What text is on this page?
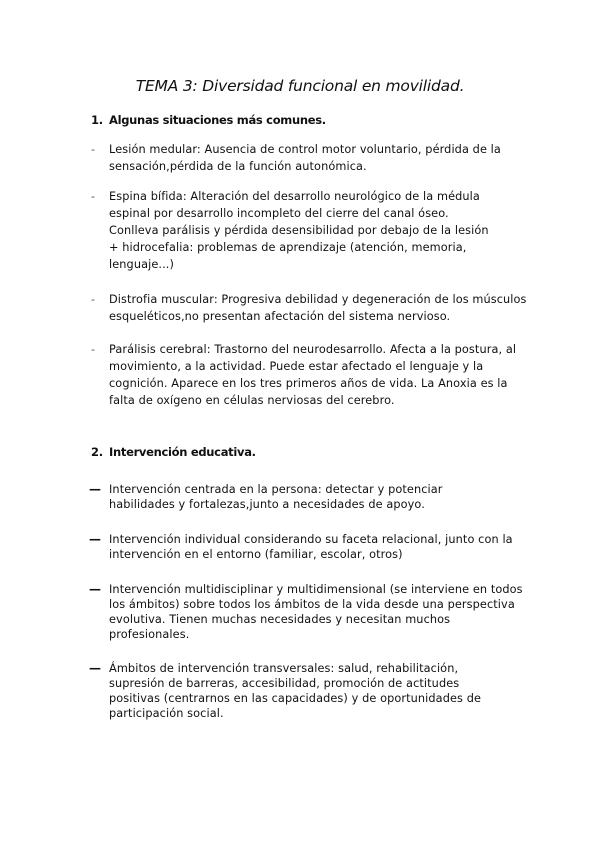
TEMA 3: Diversidad funcional en movilidad.
1. Algunas situaciones más comunes.
-	Lesión medular: Ausencia de control motor voluntario, pérdida de la sensación,pérdida de la función autonómica.
-	Espina bífida: Alteración del desarrollo neurológico de la médula espinal por desarrollo incompleto del cierre del canal óseo. Conlleva parálisis y pérdida desensibilidad por debajo de la lesión + hidrocefalia: problemas de aprendizaje (atención, memoria, lenguaje...)
-	Distrofia muscular: Progresiva debilidad y degeneración de los músculos esqueléticos,no presentan afectación del sistema nervioso.
-	Parálisis cerebral: Trastorno del neurodesarrollo. Afecta a la postura, al movimiento, a la actividad. Puede estar afectado el lenguaje y la cognición. Aparece en los tres primeros años de vida. La Anoxia es la falta de oxígeno en células nerviosas del cerebro.
2. Intervención educativa.
— Intervención centrada en la persona: detectar y potenciar habilidades y fortalezas,junto a necesidades de apoyo.
— Intervención individual considerando su faceta relacional, junto con la intervención en el entorno (familiar, escolar, otros)
— Intervención multidisciplinar y multidimensional (se interviene en todos los ámbitos) sobre todos los ámbitos de la vida desde una perspectiva evolutiva. Tienen muchas necesidades y necesitan muchos profesionales.
— Ámbitos de intervención transversales: salud, rehabilitación, supresión de barreras, accesibilidad, promoción de actitudes positivas (centrarnos en las capacidades) y de oportunidades de participación social.
